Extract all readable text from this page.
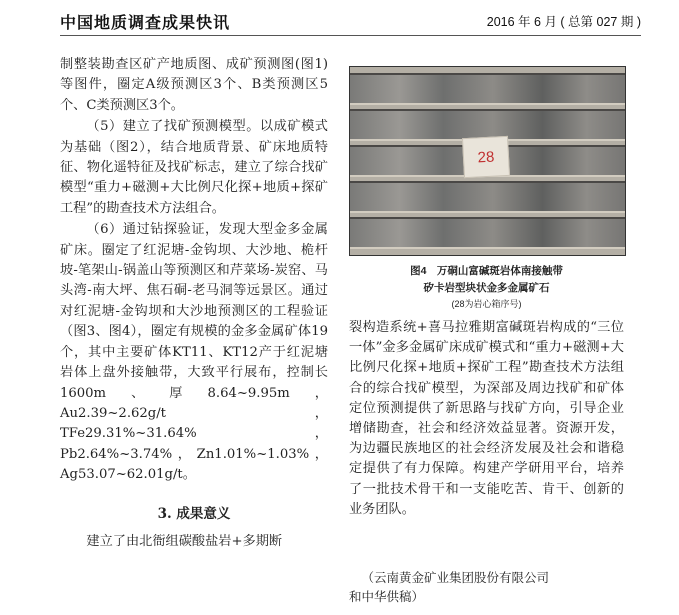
中国地质调查成果快讯	2016 年 6 月 ( 总第 027 期 )

制整装勘查区矿产地质图、成矿预测图(图1)等图件，圈定A级预测区3个、B类预测区5个、C类预测区3个。

（5）建立了找矿预测模型。以成矿模式为基础（图2），结合地质背景、矿床地质特征、物化遥特征及找矿标志，建立了综合找矿模型“重力+磁测+大比例尺化探+地质+探矿工程”的勘查技术方法组合。

（6）通过钻探验证，发现大型金多金属矿床。圈定了红泥塘-金钩坝、大沙地、桅杆坡-笔架山-锅盖山等预测区和芹菜场-炭窑、马头湾-南大坪、焦石硐-老马洞等远景区。通过对红泥塘-金钩坝和大沙地预测区的工程验证（图3、图4），圈定有规模的金多金属矿体19个，其中主要矿体KT11、KT12产于红泥塘岩体上盘外接触带，大致平行展布，控制长1600m、厚8.64~9.95m，Au2.39~2.62g/t，TFe29.31%~31.64%，Pb2.64%~3.74%，Zn1.01%~1.03%，Ag53.07~62.01g/t。

3. 成果意义

建立了由北衙组碳酸盐岩+多期断

28
图4　万硐山富碱斑岩体南接触带
矽卡岩型块状金多金属矿石
(28为岩心箱序号)

裂构造系统+喜马拉雅期富碱斑岩构成的“三位一体”金多金属矿床成矿模式和“重力+磁测+大比例尺化探+地质+探矿工程”勘查技术方法组合的综合找矿模型，为深部及周边找矿和矿体定位预测提供了新思路与找矿方向，引导企业增储勘查，社会和经济效益显著。资源开发，为边疆民族地区的社会经济发展及社会和谐稳定提供了有力保障。构建产学研用平台，培养了一批技术骨干和一支能吃苦、肯干、创新的业务团队。

（云南黄金矿业集团股份有限公司
和中华供稿）
